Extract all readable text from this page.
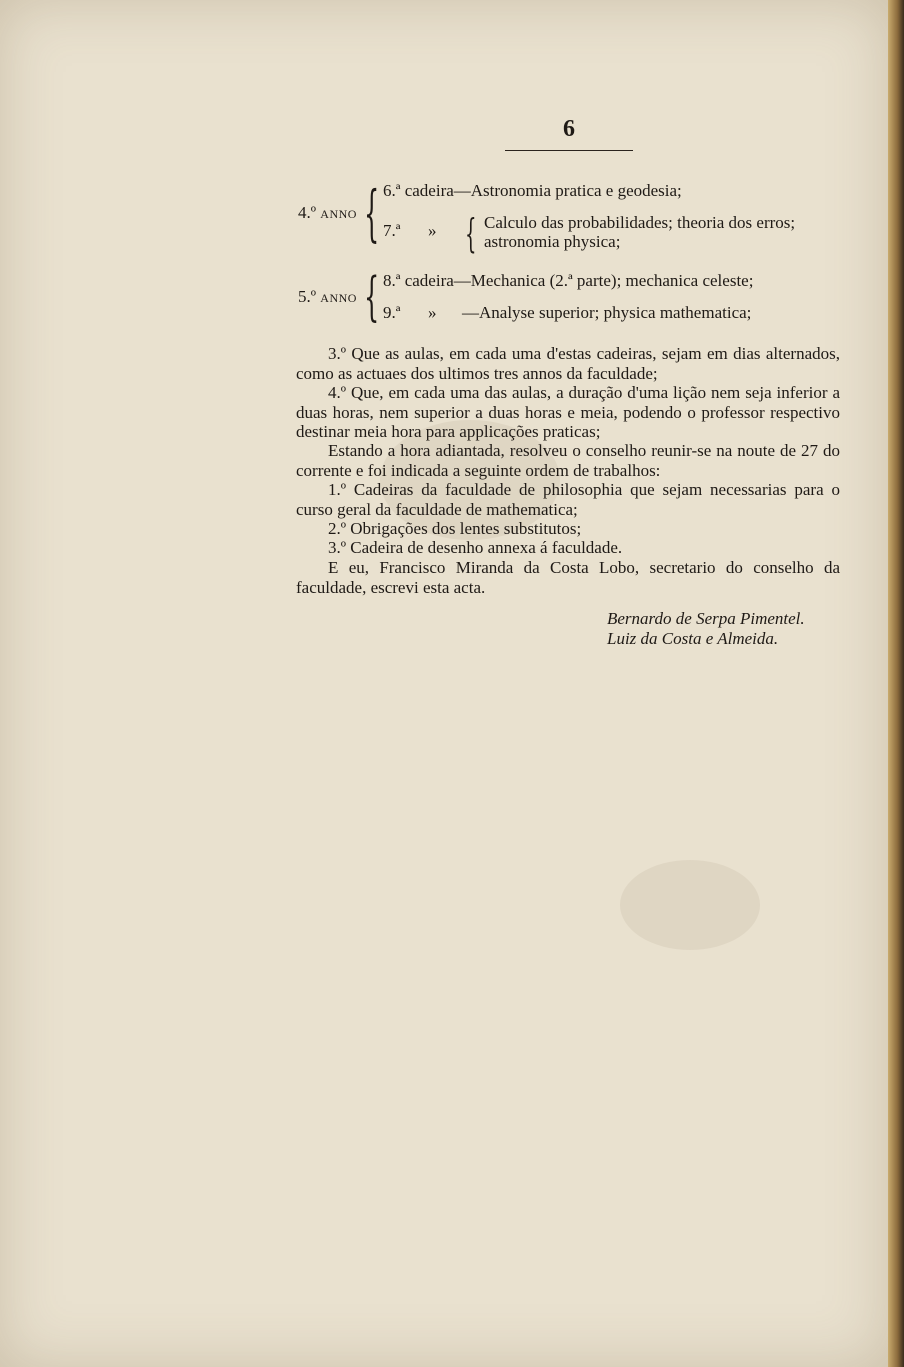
6
4.º ANNO { 6.ª cadeira—Astronomia pratica e geodesia;
7.ª » { Calculo das probabilidades; theoria dos erros;
astronomia physica;
5.º ANNO { 8.ª cadeira—Mechanica (2.ª parte); mechanica celeste;
9.ª » —Analyse superior; physica mathematica;
3.º Que as aulas, em cada uma d'estas cadeiras, sejam em dias alternados, como as actuaes dos ultimos tres annos da faculdade;
4.º Que, em cada uma das aulas, a duração d'uma lição nem seja inferior a duas horas, nem superior a duas horas e meia, podendo o professor respectivo destinar meia hora para applicações praticas;
Estando a hora adiantada, resolveu o conselho reunir-se na noute de 27 do corrente e foi indicada a seguinte ordem de trabalhos:
1.º Cadeiras da faculdade de philosophia que sejam necessarias para o curso geral da faculdade de mathematica;
2.º Obrigações dos lentes substitutos;
3.º Cadeira de desenho annexa á faculdade.
E eu, Francisco Miranda da Costa Lobo, secretario do conselho da faculdade, escrevi esta acta.
Bernardo de Serpa Pimentel.
Luiz da Costa e Almeida.
